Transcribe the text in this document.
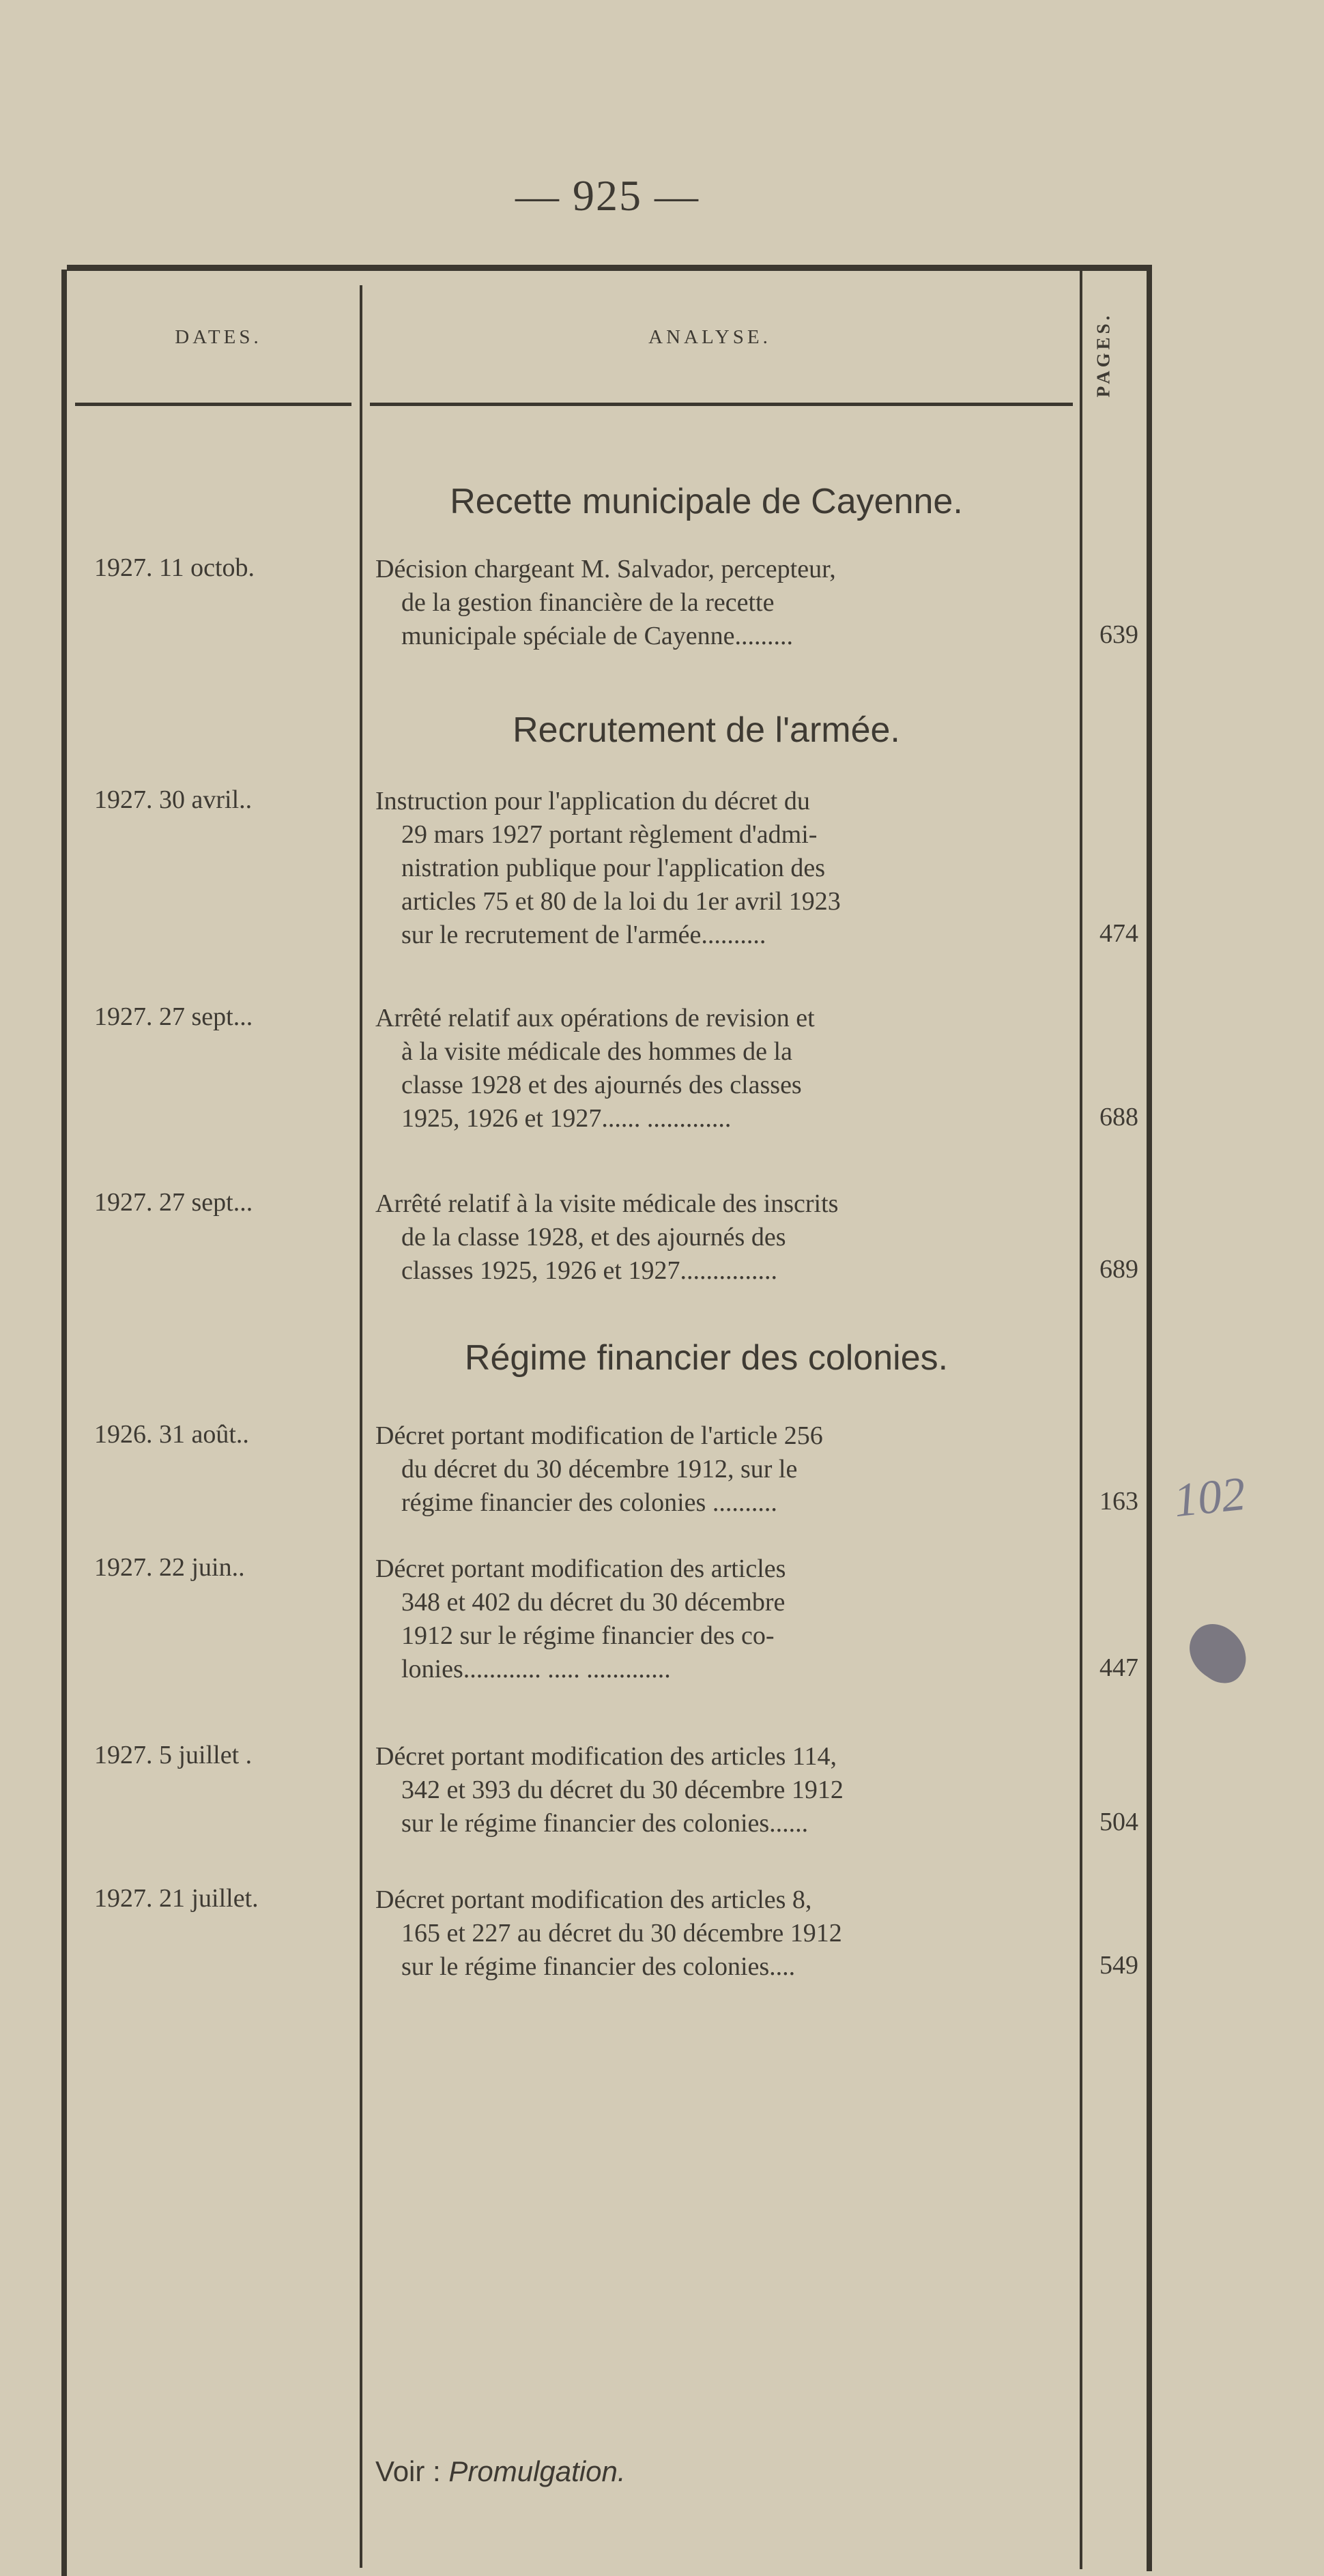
— 925 —
DATES.	ANALYSE.	PAGES.
Recette municipale de Cayenne.
1927. 11 octob.	Décision chargeant M. Salvador, percepteur,
de la gestion financière de la recette
municipale spéciale de Cayenne.........	639
Recrutement de l'armée.
1927. 30 avril..	Instruction pour l'application du décret du
29 mars 1927 portant règlement d'admi-
nistration publique pour l'application des
articles 75 et 80 de la loi du 1er avril 1923
sur le recrutement de l'armée..........	474
1927. 27 sept...	Arrêté relatif aux opérations de revision et
à la visite médicale des hommes de la
classe 1928 et des ajournés des classes
1925, 1926 et 1927...... .............	688
1927. 27 sept...	Arrêté relatif à la visite médicale des inscrits
de la classe 1928, et des ajournés des
classes 1925, 1926 et 1927...............	689
Régime financier des colonies.
1926. 31 août..	Décret portant modification de l'article 256
du décret du 30 décembre 1912, sur le
régime financier des colonies ..........	163
1927. 22 juin..	Décret portant modification des articles
348 et 402 du décret du 30 décembre
1912 sur le régime financier des co-
lonies............ ..... .............	447
1927. 5 juillet .	Décret portant modification des articles 114,
342 et 393 du décret du 30 décembre 1912
sur le régime financier des colonies......	504
1927. 21 juillet.	Décret portant modification des articles 8,
165 et 227 au décret du 30 décembre 1912
sur le régime financier des colonies....	549
Voir : Promulgation.
102
